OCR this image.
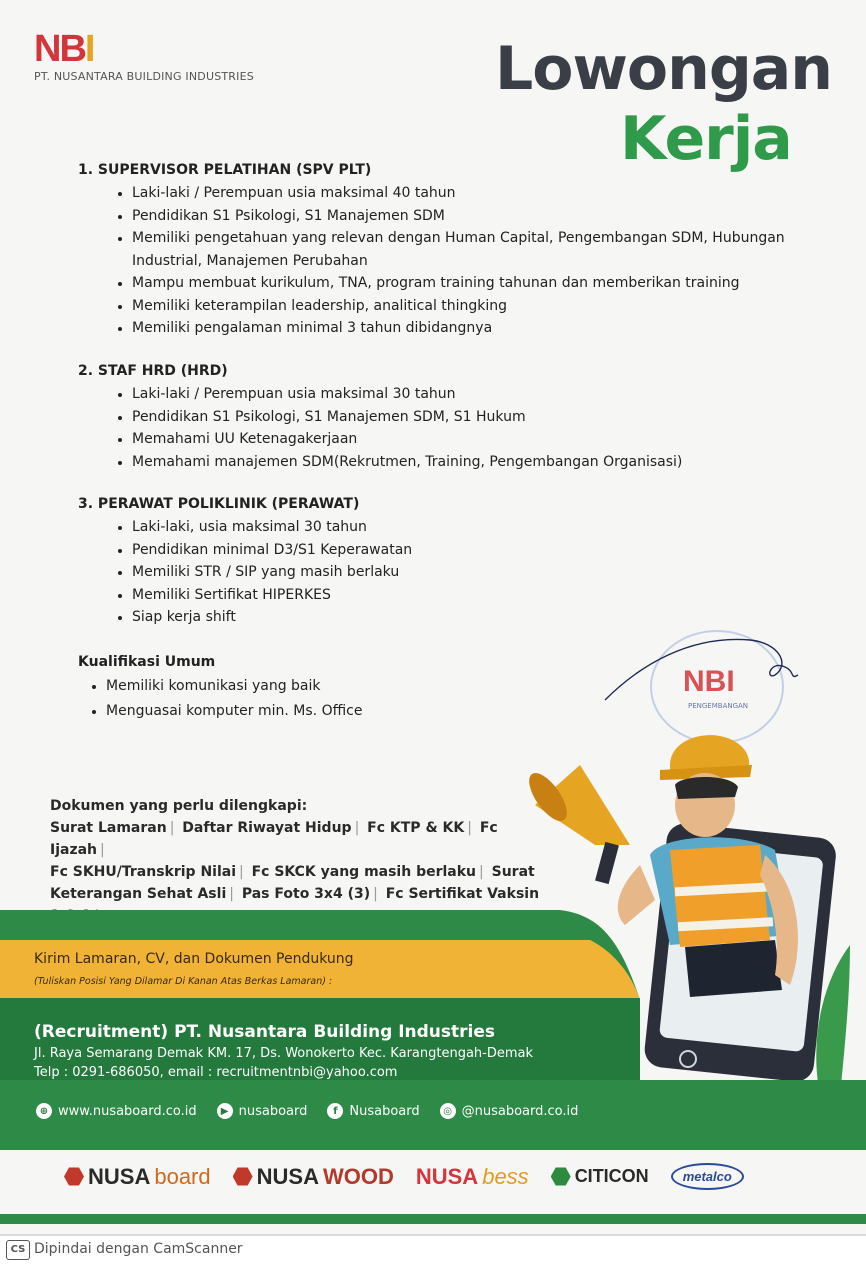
NBI
PT. NUSANTARA BUILDING INDUSTRIES	Lowongan
Kerja
1. SUPERVISOR PELATIHAN (SPV PLT)
• Laki-laki / Perempuan usia maksimal 40 tahun
• Pendidikan S1 Psikologi, S1 Manajemen SDM
• Memiliki pengetahuan yang relevan dengan Human Capital, Pengembangan SDM, Hubungan Industrial, Manajemen Perubahan
• Mampu membuat kurikulum, TNA, program training tahunan dan memberikan training
• Memiliki keterampilan leadership, analitical thingking
• Memiliki pengalaman minimal 3 tahun dibidangnya
2. STAF HRD (HRD)
• Laki-laki / Perempuan usia maksimal 30 tahun
• Pendidikan S1 Psikologi, S1 Manajemen SDM, S1 Hukum
• Memahami UU Ketenagakerjaan
• Memahami manajemen SDM(Rekrutmen, Training, Pengembangan Organisasi)
3. PERAWAT POLIKLINIK (PERAWAT)
• Laki-laki, usia maksimal 30 tahun
• Pendidikan minimal D3/S1 Keperawatan
• Memiliki STR / SIP yang masih berlaku
• Memiliki Sertifikat HIPERKES
• Siap kerja shift
Kualifikasi Umum
• Memiliki komunikasi yang baik
• Menguasai komputer min. Ms. Office
NBI
PENGEMBANGAN
Dokumen yang perlu dilengkapi:
Surat Lamaran | Daftar Riwayat Hidup | Fc KTP & KK | Fc Ijazah |
Fc SKHU/Transkrip Nilai | Fc SKCK yang masih berlaku | Surat Keterangan Sehat Asli | Pas Foto 3x4 (3) | Fc Sertifikat Vaksin

Kirim Lamaran, CV, dan Dokumen Pendukung
(Tuliskan Posisi Yang Dilamar Di Kanan Atas Berkas Lamaran) :
(Recruitment) PT. Nusantara Building Industries
Jl. Raya Semarang Demak KM. 17, Ds. Wonokerto Kec. Karangtengah-Demak
Telp : 0291-686050, email : recruitmentnbi@yahoo.com
⊕ www.nusaboard.co.id	▶ nusaboard	f Nusaboard	◎ @nusaboard.co.id
NUSA board NUSA WOOD NUSA bess	CITICON	metalco
CS Dipindai dengan CamScanner
